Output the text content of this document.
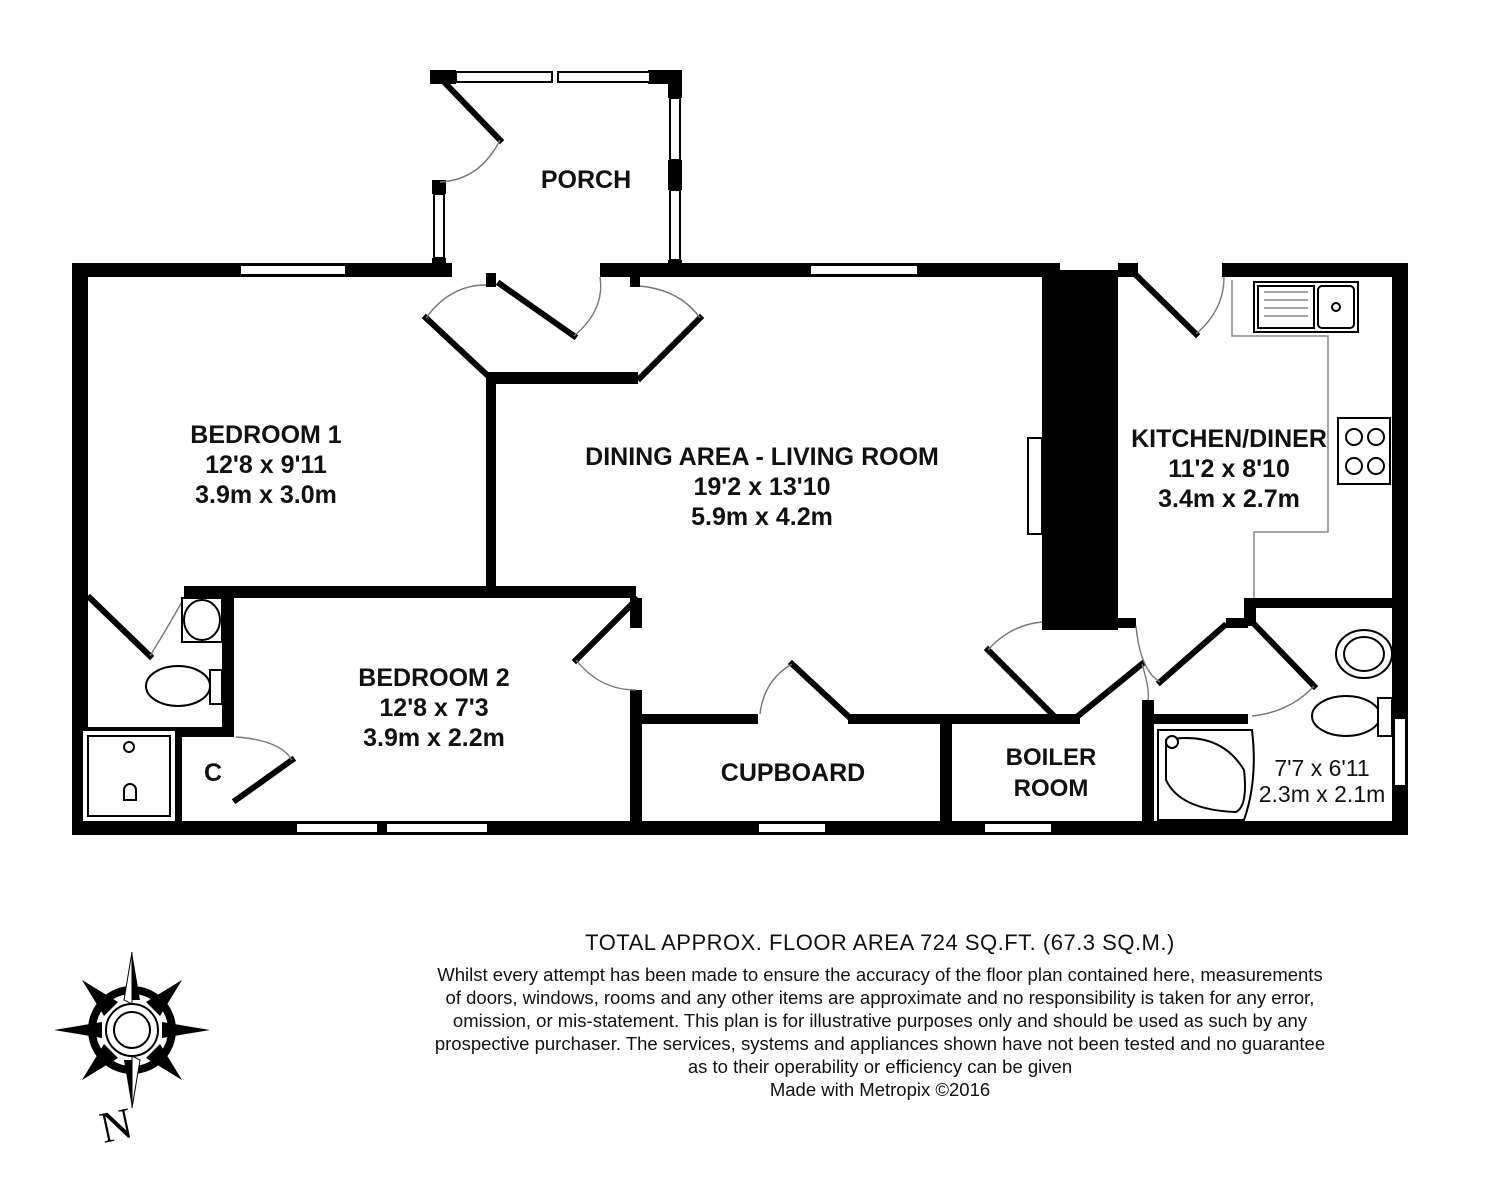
PORCH
BEDROOM 1
12'8 x 9'11
3.9m x 3.0m
DINING AREA - LIVING ROOM
19'2 x 13'10
5.9m x 4.2m
KITCHEN/DINER
11'2 x 8'10
3.4m x 2.7m
BEDROOM 2
12'8 x 7'3
3.9m x 2.2m
CUPBOARD
BOILER
ROOM
C	7'7 x 6'11
2.3m x 2.1m
N
TOTAL APPROX. FLOOR AREA 724 SQ.FT. (67.3 SQ.M.)
Whilst every attempt has been made to ensure the accuracy of the floor plan contained here, measurements
of doors, windows, rooms and any other items are approximate and no responsibility is taken for any error,
omission, or mis-statement. This plan is for illustrative purposes only and should be used as such by any
prospective purchaser. The services, systems and appliances shown have not been tested and no guarantee
as to their operability or efficiency can be given
Made with Metropix ©2016
